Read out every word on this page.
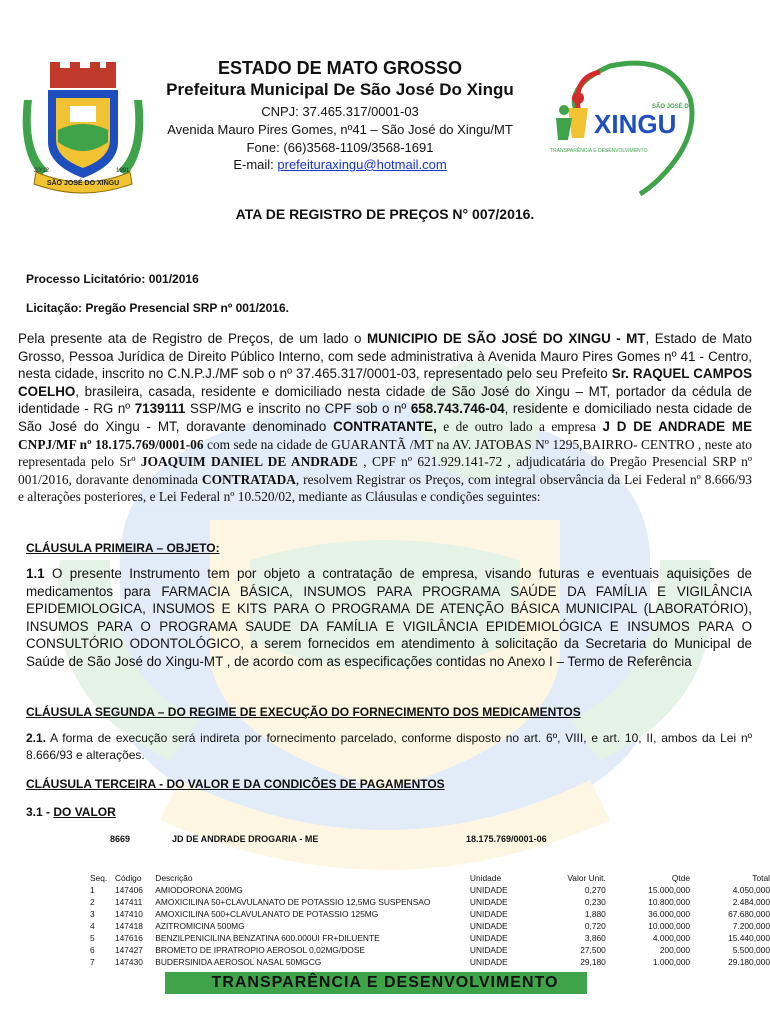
SÃO JOSÉ DO XINGU
20/12	1991
SÃO JOSÉ DO
XINGU
TRANSPARÊNCIA E DESENVOLVIMENTO
ESTADO DE MATO GROSSO
Prefeitura Municipal De São José Do Xingu
CNPJ: 37.465.317/0001-03
Avenida Mauro Pires Gomes, nº41 – São José do Xingu/MT
Fone: (66)3568-1109/3568-1691
E-mail: prefeituraxingu@hotmail.com
ATA DE REGISTRO DE PREÇOS N° 007/2016.
Processo Licitatório: 001/2016
Licitação: Pregão Presencial SRP nº 001/2016.
Pela presente ata de Registro de Preços, de um lado o MUNICIPIO DE SÃO JOSÉ DO XINGU - MT, Estado de Mato Grosso, Pessoa Jurídica de Direito Público Interno, com sede administrativa à Avenida Mauro Pires Gomes nº 41 - Centro, nesta cidade, inscrito no C.N.P.J./MF sob o nº 37.465.317/0001-03, representado pelo seu Prefeito Sr. RAQUEL CAMPOS COELHO, brasileira, casada, residente e domiciliado nesta cidade de São José do Xingu – MT, portador da cédula de identidade - RG nº 7139111 SSP/MG e inscrito no CPF sob o nº 658.743.746-04, residente e domiciliado nesta cidade de São José do Xingu - MT, doravante denominado CONTRATANTE, e de outro lado a empresa J D DE ANDRADE ME CNPJ/MF nº 18.175.769/0001-06 com sede na cidade de GUARANTÃ /MT na AV. JATOBAS Nº 1295,BAIRRO- CENTRO , neste ato representada pelo Srº JOAQUIM DANIEL DE ANDRADE , CPF nº 621.929.141-72 , adjudicatária do Pregão Presencial SRP nº 001/2016, doravante denominada CONTRATADA, resolvem Registrar os Preços, com integral observância da Lei Federal nº 8.666/93 e alterações posteriores, e Lei Federal nº 10.520/02, mediante as Cláusulas e condições seguintes:
CLÁUSULA PRIMEIRA – OBJETO:
1.1 O presente Instrumento tem por objeto a contratação de empresa, visando futuras e eventuais aquisições de medicamentos para FARMACIA BÁSICA, INSUMOS PARA PROGRAMA SAÚDE DA FAMÍLIA E VIGILÂNCIA EPIDEMIOLOGICA, INSUMOS E KITS PARA O PROGRAMA DE ATENÇÃO BÁSICA MUNICIPAL (LABORATÓRIO), INSUMOS PARA O PROGRAMA SAUDE DA FAMÍLIA E VIGILÂNCIA EPIDEMIOLÓGICA E INSUMOS PARA O CONSULTÓRIO ODONTOLÓGICO, a serem fornecidos em atendimento à solicitação da Secretaria do Municipal de Saúde de São José do Xingu-MT , de acordo com as especificações contidas no Anexo I – Termo de Referência
CLÁUSULA SEGUNDA – DO REGIME DE EXECUÇÃO DO FORNECIMENTO DOS MEDICAMENTOS
2.1. A forma de execução será indireta por fornecimento parcelado, conforme disposto no art. 6º, VIII, e art. 10, II, ambos da Lei nº 8.666/93 e alterações.
CLÁUSULA TERCEIRA - DO VALOR E DA CONDICÕES DE PAGAMENTOS
3.1 - DO VALOR
8669	JD DE ANDRADE DROGARIA - ME	18.175.769/0001-06
Seq.	Código	Descrição	Unidade	Valor Unit.	Qtde	Total
1	147406	AMIODORONA 200MG	UNIDADE	0,270	15.000,000	4.050,000
2	147411	AMOXICILINA 50+CLAVULANATO DE POTASSIO 12,5MG SUSPENSAO	UNIDADE	0,230	10.800,000	2.484,000
3	147410	AMOXICILINA 500+CLAVULANATO DE POTASSIO 125MG	UNIDADE	1,880	36.000,000	67.680,000
4	147418	AZITROMICINA 500MG	UNIDADE	0,720	10.000,000	7.200,000
5	147616	BENZILPENICILINA BENZATINA 600.000UI FR+DILUENTE	UNIDADE	3,860	4.000,000	15.440,000
6	147427	BROMETO DE IPRATROPIO AEROSOL 0,02MG/DOSE	UNIDADE	27,500	200,000	5.500,000
7	147430	BUDERSINIDA AEROSOL NASAL 50MGCG	UNIDADE	29,180	1.000,000	29.180,000
TRANSPARÊNCIA E DESENVOLVIMENTO
